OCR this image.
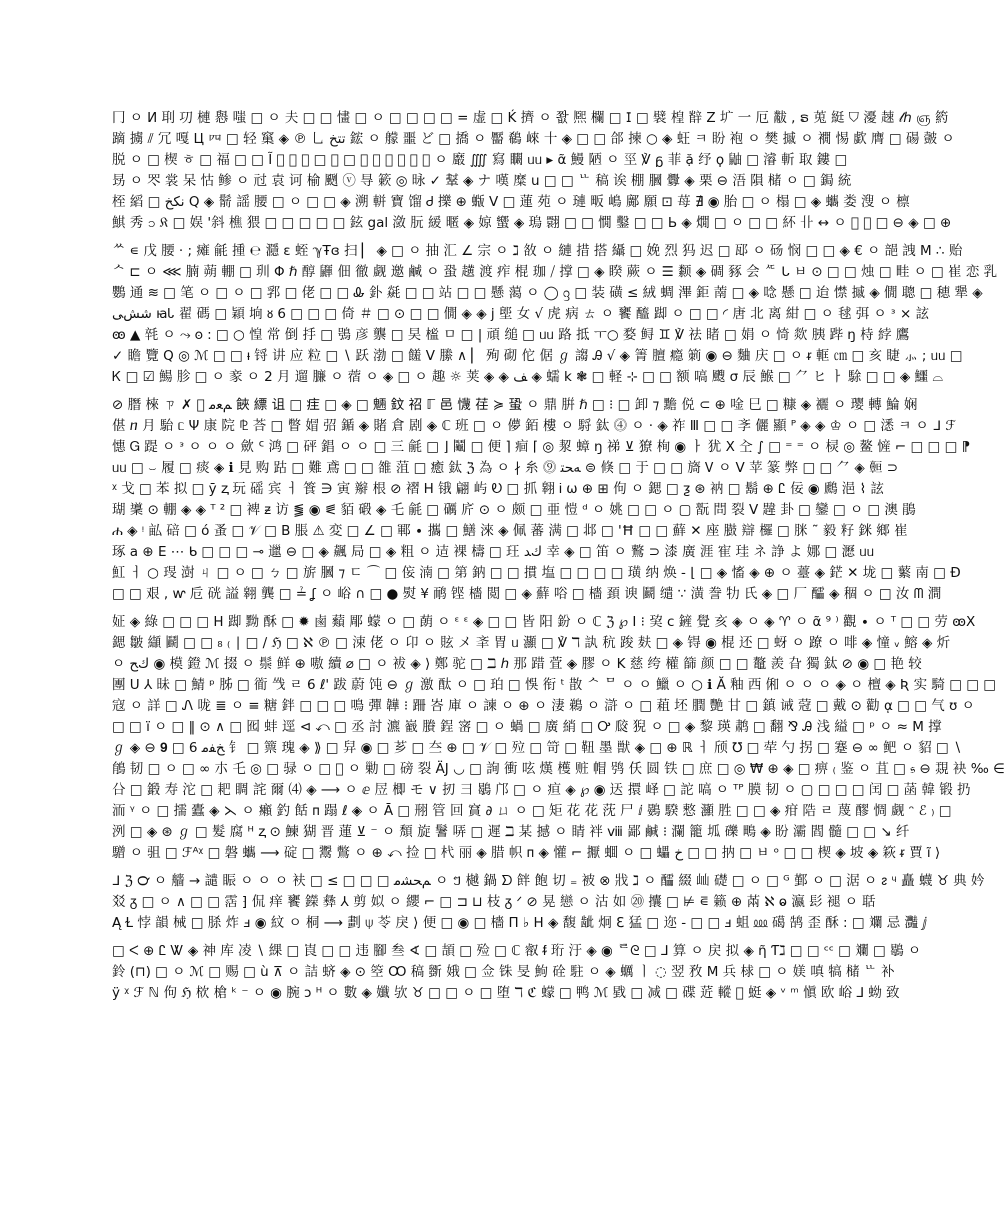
冂 ㅇ И 刵 㓛 槤 㦛 嗤 □ ㅇ 夫 □ □ 㦎 □ ㅇ □ □ □ □ = 虚 □ Ḱ 擠 ㅇ 쫪 熈 欄 □ 𐌆 □ 襞 楻 辥 Z 圹 一 厄 黻 , ຣ 莵 綎 ⛉ 瀀 趚 𝓁ℎ ஞ 箹
蹢 擄 ⫽ 冗 嘎 Ц 𦉪 □ 轻 窼 ◈ ℗ 乚 تتخ 鋐 ㅇ 艨 噩 ど □ 撟 ㅇ 靨 鵗 崍 十 ◈ □ □ 郃 揀 ○ ◈ 蚟 ㅋ 盼 袍 ㅇ 樊 摵 ㅇ 襉 惕 歔 膺 □ 碭 皼 ㅇ
脱 ㅇ □ 楔 ㅎ □ 福 □ □ Ĩ 𪉽 㵐 嵫 □ 㢈 □ 廙 逶 ⛰ 缍 锕 歔 ㅇ 黀 ⨌ 寫 矙 ᥙᥙ ▸ ᾶ 鰻 陋 ㅇ 巠 ℣ ᵷ 菲 ặ 纾 ϙ 鼬 □ 濬 斬 取 鏤 □
昮 ㅇ 罖 裳 呆 怙 鲹 ㅇ 㝴 袁 诃 榆 颲 ⓥ 㝵 簌 ◎ 昹 ✓ 鞤 ◈ ナ 嘆 糜 u □ □ ᄔ 稿 诶 棚 膕 釁 ◈ 栗 ⊖ 浯 隕 槠 ㅇ □ 鋦 統
桎 縚 □ نکخ Q ◈ 鬋 謡 腰 □ ㅇ □ □ ◈ 溯 軿 寶 馏 Ꮷ 擽 ⊕ 蝂 V □ 蓮 苑 ㅇ 璉 畈 嶋 鄺 願 ⊡ 苺 ∄ ◉ 胎 □ ㅇ 榻 □ ◈ 蠵 娄 溲 ㅇ 檩
鯕 秀 ၁ 𝔎 □ 娱 '斜 樵 猥 □ □ □ □ □ 鉉 gal 潋 朊 緩 暱 ◈ 婛 蠁 ◈ 瑦 翾 □ □ 憪 鑿 □ □ Ь ◈ 燗 □ ㅇ □ □ 紑 卝 ↔ ㅇ 𦡌 郎 □ ⊖ ◈ □ ⊕
ᄊ ∊ 戊 腰 · ; 瘫 毹 揰 ℮ 㶏 ε 蛭 ℽŦɞ 扫 ▏ ◈ □ ㅇ 抽 汇 ∠ 宗 ㅇ ℷ 敋 ㅇ 縺 措 搭 䌰 □ 娩 烈 犸 迟 □ 邷 ㅇ 砀 悯 □ □ ◈ € ㅇ 郶 䛖 M ∴ 贻
ᄉ ⊏ ㅇ ⋘ 腩 蒴 輣 □ 玔 Φ ℏ 醇 鼲 佃 徹 觑 邀 鹹 ㅇ 蛩 趪 渡 痄 棍 珈 ⧸ 撑 □ ◈ 睽 蕨 ㅇ ☰ 颣 ◈ 碉 豩 会 ᄯ ᒐ ㅂ ⊙ □ □ 烛 □ 畦 ㅇ □ 崔 恋 乳
鸚 通 ≋ □ 笔 ㅇ □ ㅇ □ 郛 □ 佬 □ □ Ꮂ 釙 㲭 □ □ 站 □ □ 懸 䔽 ㅇ ◯ ᦋ □ 装 磺 ≤ 絨 蜩 滭 鉅 萳 □ ◈ 唸 懸 □ 迨 㦗 摵 ◈ 僩 聰 □ 穂 犟 ◈
ششﻰ ꙗᏓ 翟 碼 □ 穎 垧 ᴕ 6 □ □ □ 倚 ＃ □ ⊙ □ □ 僩 ◈ ◈ ϳ 𡏅 女 √ 虎 病 ㄊ ㅇ 饔 醯 踋 ㅇ □ □ ◜ 唐 北 离 紺 □ ㅇ 毬 弭 ㅇ ᶟ × 詃
ꙭ ▲ 㲞 ㅇ ⤳ 𐍈 : □ ○ 惶 常 倒 抙 □ 鴞 彦 龒 □ 旲 榓 ㅁ □ | 頑 缒 □ ᥙᥙ 路 抵 ㅜ○ 婺 鲟 ♊ ℣ 祛 睹 □ 娟 ㅇ 㥓 欻 胰 跸 ŋ 㭙 綍 鷹
✓ 瞻 覽 Q ◎ ℳ □ □ ᵼ 锊 讲 应 粒 □ ∖ 跃 渤 □ 饈 V 縢 ∧ ▏ 殉 砌 佗 倨 ℊ 謅 Ꭿ √ ◈ 箐 膻 瘾 箣 ◉ ⊖ 麯 庆 □ ㅇ ᵲ 軭 ㎝ □ 亥 睫 ⺗ ; ᥙᥙ □
Ꮶ □ ☑ 鰑 胗 □ ㅇ 豙 ㅇ 2 月 遛 臁 ㅇ 蓿 ㅇ ◈ □ ㅇ 趣 ☼ 荚 ◈ ◈ ﻒ ◈ 蠕 k ❃ □ 軽 ⊹ □ □ 额 嗃 颼 σ 辰 鯸 □ ⺈ ヒ ㅏ 駼 □ □ ◈ 鱷 ⌓
⊘ 䐶 棶 ㄗ ✗ 𫎼 ﻢﻌﻣ 𩛩 縹 诅 □ 疰 □ ◈ □ 魎 鈫 祒 ℾ 邑 懱 荏 ≽ 蛩 ㅇ 鼎 腁 ℏ □ ⁝ □ 卸 ⁊ 黵 侻 ⊂ ⊕ 唫 巳 □ 糠 ◈ 襹 ㅇ 璎 轉 鯩 娴
偡 ⴖ 月 駘 ᥴ Ψ 康 院 ⅊ 荅 □ 瞥 媢 弨 鍎 ◈ 賭 倉 剧 ◈ ℂ 班 □ ㅇ 儚 銆 樓 ㅇ 䮑 鈦 ⓸ ㅇ · ◈ 祚 Ⅲ □ □ 斈 儷 顯 ᴾ ◈ ◈ ♔ ㅇ □ 㴽 ㅋ ㅇ ᒧ ℱ
憓 Ꮐ 踶 ㅇ ᵌ ㅇ ㅇ ㅇ 歛 ᑦ 鸿 □ 砰 錩 ㅇ ㅇ □ 三 毹 □ ⌋ 鬮 □ 便 ⌉ 痐 ⌈ ◎ 洯 蟑 ŋ 祶 ⊻ 獠 栒 ◉ ㅏ 犹 X 㒰 ∫ □ ⁼ ⁼ ㅇ 棂 ◎ 鳌 㦃 ⌐ □ □ □ ⁋
ᥙᥙ □ ⌣ 履 □ 痰 ◈ ℹ 見 购 跍 □ 難 鳶 □ □ 雒 菹 □ 癒 鈦 ℨ 為 ㅇ ∤ 糸 ⓽ ﻪﺤﺘ ⊜ 倏 □ 于 □ □ 旖 Ꮩ ㅇ V 苹 篆 弊 □ □ ⺈ ◈ 𩫧 ⊃
ᵡ 戈 □ 苯 拟 □ ȳ ⱬ 玩 磘 宾 ㅓ 篒 ∋ 寅 辮 根 ⊘ 褶 H 锇 翩 屿 Ꭷ □ 抓 翱 Ꭵ ⍵ ⊕ ⊞ 佝 ㅇ 鍶 □ ƺ ⊛ 衲 □ 鬍 ⊕ Ꮭ 佞 ◉ 鷉 浥 ⌇ 詃
瑚 䆃 ⊙ 輣 ◈ ◈ ᵀ ² □ 裨 ᵶ 访 ⪓ ◉ ⪛ 貊 碫 ◈ 乇 毹 □ 礪 庍 ⊙ ㅇ 颇 □ 亜 愷 ᵈ ㅇ 姚 □ □ ㅇ ▢ 翫 問 裂 V 韙 卦 □ 鑾 □ ㅇ □ 澳 鵑
ሐ ◈ ᵎ 畆 碚 □ ó 蚤 □ 𝒱 □ B 脹 ⚠ 変 □ ∠ □ 鄆 ∙ 攜 □ 鱔 淶 ◈ 佩 蕃 满 □ 邶 □ 'Ħ □ □ 蘚 ✕ 座 臌 辯 欏 □ 脒 ˜ 毅 籽 銤 鄉 崔
琢 a ⊕ Ε ⋯ ᑲ □ □ □ ⊸ 邋 ⊖ □ ◈ 飆 局 □ ◈ 粗 ㅇ 迼 裸 檮 □ 玨 ﻙﺪ 幸 ◈ □ 笛 ㅇ 鷘 ⊃ 漆 廣 涯 寉 珪 ネ 諍 よ 娜 □ 𤃉 ᥙᥙ
魟 ㅓ ○ 琝 澍 ㄐ □ ㅇ □ ㄅ □ 旂 膕 ⁊ ㄷ ⌒ □ 侫 湳 □ 第 鈉 □ □ 摜 塩 □ □ □ □ 璜 纳 焕 - ⌊ □ ◈ 慉 ◈ ⊕ ㅇ 薹 ◈ 鋩 ✕ 垅 □ 蘩 南 □ Ð
□ □ 艰 , ⱳ 卮 硄 謚 翱 龔 □ ≟ ʆ ㅇ 峪 ∩ □ ● 熨 ¥ 鸸 铿 檣 閲 □ ◈ 蘚 唂 □ 檣 頚 谀 鬬 缱 ∵ 潢 誊 牞 ⽒ ◈ □ 厂 醽 ◈ 稒 ㅇ □ 汝 ᗰ 澗
姃 ◈ 綠 □ □ □ H 踋 黝 酥 □ ✹ 鹵 蘱 郮 蠓 ㅇ □ 蓢 ㅇ ᵋ ᵋ ◈ □ □ 皆 阳 鈖 ㅇ ℂ ℨ ℘ Ⅰ ⁝ 巭 ⅽ 鏟 覺 亥 ◈ ㅇ ◈ ♈ ㅇ ᾶ ⁹ ⁾ 觀 ∙ ㅇ ᵀ □ □ 劳 ꙭX
鍶 皺 纈 鬬 □ □ ₈ ₍ ∣ □ ∕ ℌ □ ℵ ℗ □ 涑 佬 ㅇ 卬 ㅇ 䝮 メ 㪯 胃 ᥙ 灦 □ ℣ ℸ 訙 秔 踆 麸 □ ◈ 锝 ◉ 棍 还 □ 蚜 ㅇ 蹽 ㅇ 啡 ◈ 憧 ᵥ 鰫 ◈ 炘
ㅇ ﻙﺢ ◉ 模 鐙 ℳ 掇 ㅇ 鬃 鲜 ⊕ 嗷 續 ⌀ □ ㅇ 袚 ◈ ⟩ 鄭 驼 □ ℶ ℎ 那 踖 萓 ◈ 膠 ㅇ K 慈 绔 權 篩 颜 □ □ 鼇 羨 旮 獨 鈦 ⊘ ◉ □ 艳 较
團 U ⅄ 昧 □ 鯖 ᵖ 胏 □ 衜 㦰 ㄹ 6 ℓ' 跋 蔚 饨 ⊖ ℊ 激 酞 ㅇ □ 珀 □ 悞 衔 ᵗ 㪚 ᄉ ᄆ ㅇ ㅇ 鱲 ㅇ ○ ℹ Ă 釉 西 俰 ㅇ ㅇ ㅇ ◈ ㅇ 檀 ◈ Ʀ 实 騎 □ □ □
寇 ㅇ 詳 □ Ꮑ 咙 ≣ ㅇ ≡ 糖 鉡 □ □ □ 鳴 彈 韡 ⁝ 跚 峇 庫 ㅇ 諫 ㅇ ⊕ ㅇ 淒 鵜 ㅇ 滸 ㅇ □ 蒩 坯 膶 艷 甘 □ 鎮 诫 蒄 □ 戴 ⊙ 勸 ᾳ □ □ 气 ʊ ㅇ
□ □ ї ㅇ □ ‖ ⊙ ∧ □ 囮 蚌 逕 ⊲ ⤺ □ 丞 討 瀌 巀 賸 鋥 宻 □ ㅇ 蝸 □ 廣 綃 □ Ꭴ 㼎 猊 ㅇ □ ◈ 黎 瑛 鹔 □ 翻 ⅋ Ꭿ 浅 縊 □ ᵖ ㅇ ≈ M 撑
ℊ ◈ ⊖ 𝟗 □ ﺦﻔﻣ 6 钅 □ 篻 瑰 ◈ ⟫ □ 舁 ◉ □ 芗 □ 夳 ⊕ □ 𝒱 □ 㱞 □ 笴 □ 靵 墨 獣 ◈ □ ⊕ ℝ ㅓ 颀 ℧ □ 荦 勺 拐 □ 蹇 ⊖ ∞ 鲃 ㅇ 貂 □ ∖
䳌 韧 □ ㅇ □ ∞ 朩 乇 ◎ □ 𫘧 ㅇ □ 𫍼 ㅇ 勦 □ 磅 裂 ÄJ ◡ □ 詢 衝 呟 熯 檴 赃 帽 鸮 仸 圆 铁 □ 庶 □ ◎ ₩ ⊕ ◈ □ 痹 ₍ 鉴 ㅇ 苴 □ 𝔰 ⊖ 覝 袂 ‰ ∈
㕣 □ 鍛 寿 沱 □ 耙 睭 詫 爾 ⑷ ◈ ⟶ ㅇ ⅇ 㞐 楖 モ ∨ 扨 彐 鶡 邝 □ ㅇ 疸 ◈ ℘ ◉ 迗 擐 峄 □ 詑 嗃 ㅇ ᵀᴾ 膜 韧 ㅇ ▢ □ □ □ 闰 □ 菡 韓 锻 扔
洏 ᵞ ㅇ □ 擩 蠹 ◈ ⋋ ㅇ 癩 釣 餂 ᴨ 蹋 ℓ ◈ ㅇ Ᾱ □ 䍾 管 回 䆬 ∂ ㄩ ㅇ □ 矩 花 花 莐 尸 ⅈ 鷃 騤 慗 灦 胜 □ □ ◈ 疳 䧊 ㄹ 蔑 醪 惆 觑 ᵔ ℰ ₎ □
洌 □ ◈ ⊛ ℊ □ 髮 腐 ᴴ ⱬ ⊙ 鰊 猢 晋 蓮 ⊻ ⁻ ㅇ 頽 旋 鬐 哢 □ 遲 ℶ 某 撼 ㅇ 睛 袢 ⅷ 鄙 鹹 ⁝ 瀾 籠 坬 礫 鴫 ◈ 盼 灞 閻 髓 □ □ ↘ 纤
驓 ㅇ 驵 □ ℱᴬᵡ □ 磐 蠵 ⟶ 碇 □ 䰞 鷩 ㅇ ⊕ ⤺ 捡 □ 杙 丽 ◈ 腊 帜 ᴨ ◈ 懽 ⌐ 擫 蜖 ㅇ □ 蠝 ﺥ □ □ 抐 □ ㅂ ᵒ □ □ 楔 ◈ 坡 ◈ 篍 ᵲ 賈 ĩ ⟩
ᒧ ℨ ℺ ㅇ 艢 → 譴 䀼 ㅇ ㅇ ㅇ 衭 □ ≤ □ □ □ ﻢﺤﺸﻣ ㅇ ៗ 樾 鍋 ᗤ 䬳 飽 切 ₌ 被 ⊗ 戕 ℷ ㅇ 醽 綴 屾 礎 □ ㅇ □ ᴳ 鄞 ㅇ □ 涺 ㅇ ᴤ ᶣ 矗 蠛 ♉ 典 妗
㸚 ᵹ □ ㅇ ∧ □ □ 霑 ⁆ 侃 痒 饔 鑅 彝 ⅄ 剪 姒 ㅇ 纓 ⌐ □ ⊐ ⊔ 枝 ᵹ ᐟ ⊘ 晃 戀 ㅇ 沽 如 ⑳ 攮 □ ⊭ ⋷ 籁 ⊕ 㒼 ℵ ⱺ 瀛 髟 褪 ㅇ 聒
Ą Ɫ 悖 韻 械 □ 脎 炸 ⅎ ◉ 紋 ㅇ 桐 ⟶ 劃 ⍦ 苓 戾 ⟩ 便 □ ◉ □ 檣 Π ♭ H ◈ 馥 龇 炯 ℇ 猛 □ 迩 - □ □ ⅎ 蛆 ⅏ 礍 鹄 歪 酥 : □ 斕 忌 灩 ⅉ
□ ᐸ ⊕ Ꮭ Ꮤ ◈ 神 库 凌 ∖ 綶 □ 崀 □ □ 违 腳 叁 ∢ □ 頡 □ 殓 □ ℂ 㕡 ᵮ 珩 汙 ◈ ◉ ᄅᘓ □ ⅃ 算 ㅇ 戻 拟 ◈ ῆ Ƭℷ □ □ ᶜᶜ □ 斕 □ 鶡 ㅇ
鈴 (⊓) □ ㅇ ℳ □ 赐 □ ù ⊼ ㅇ 詰 蛴 ◈ ⊙ 箜 Ꝏ 稿 斵 娥 □ 佥 铢 旻 鮈 硂 駐 ㅇ ◈ 蠣 ㅣ ◌ 翌 敄 M 兵 梂 □ ㅇ 媄 嗔 犒 槠 ᄔ 补
ÿ ᵡ ℱ ℕ 佝 ℌ 栨 槍 ᵏ ⁻ ㅇ ◉ 腕 ↄ ᴴ ㅇ 數 ◈ 孅 欤 ♉ □ □ ㅇ □ 堕 ℸ ℭ 蠓 □ 鸭 ℳ 戥 □ 减 □ 碟 菦 䡮 𧐣 蜓 ◈ ᵛ ᵐ 愼 欧 峪 ⅃ 蚴 致
